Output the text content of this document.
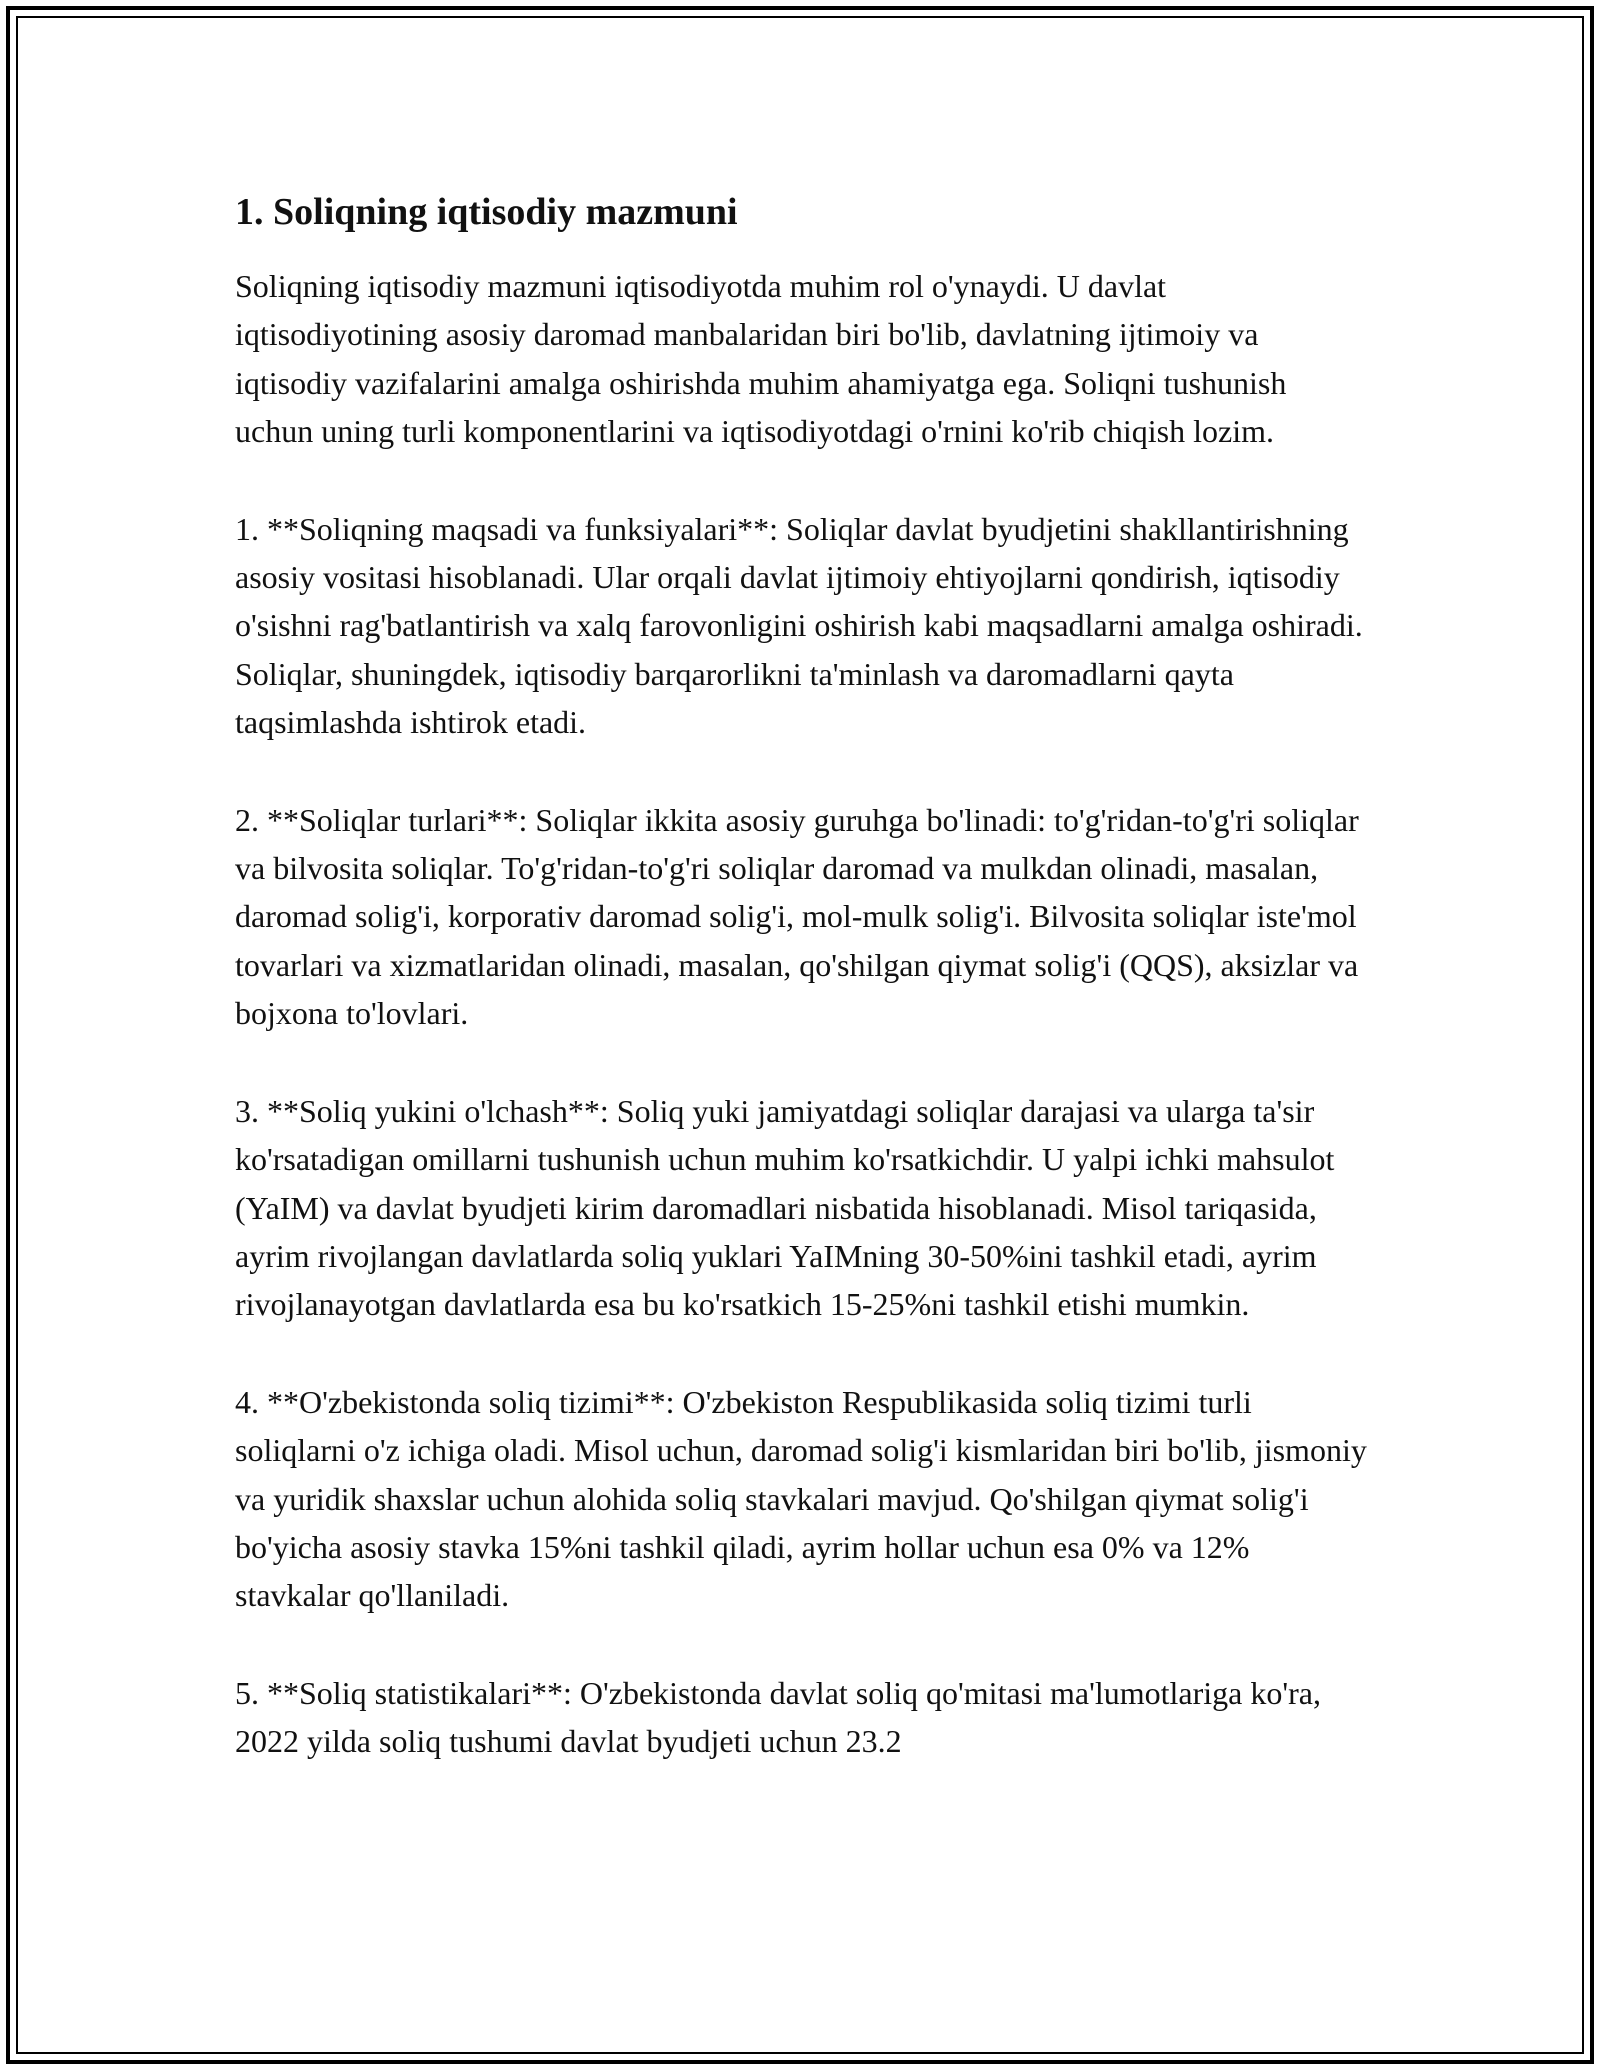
1. Soliqning iqtisodiy mazmuni

Soliqning iqtisodiy mazmuni iqtisodiyotda muhim rol o'ynaydi. U davlat iqtisodiyotining asosiy daromad manbalaridan biri bo'lib, davlatning ijtimoiy va iqtisodiy vazifalarini amalga oshirishda muhim ahamiyatga ega. Soliqni tushunish uchun uning turli komponentlarini va iqtisodiyotdagi o'rnini ko'rib chiqish lozim.

1. **Soliqning maqsadi va funksiyalari**: Soliqlar davlat byudjetini shakllantirishning asosiy vositasi hisoblanadi. Ular orqali davlat ijtimoiy ehtiyojlarni qondirish, iqtisodiy o'sishni rag'batlantirish va xalq farovonligini oshirish kabi maqsadlarni amalga oshiradi. Soliqlar, shuningdek, iqtisodiy barqarorlikni ta'minlash va daromadlarni qayta taqsimlashda ishtirok etadi.

2. **Soliqlar turlari**: Soliqlar ikkita asosiy guruhga bo'linadi: to'g'ridan-to'g'ri soliqlar va bilvosita soliqlar. To'g'ridan-to'g'ri soliqlar daromad va mulkdan olinadi, masalan, daromad solig'i, korporativ daromad solig'i, mol-mulk solig'i. Bilvosita soliqlar iste'mol tovarlari va xizmatlaridan olinadi, masalan, qo'shilgan qiymat solig'i (QQS), aksizlar va bojxona to'lovlari.

3. **Soliq yukini o'lchash**: Soliq yuki jamiyatdagi soliqlar darajasi va ularga ta'sir ko'rsatadigan omillarni tushunish uchun muhim ko'rsatkichdir. U yalpi ichki mahsulot (YaIM) va davlat byudjeti kirim daromadlari nisbatida hisoblanadi. Misol tariqasida, ayrim rivojlangan davlatlarda soliq yuklari YaIMning 30-50%ini tashkil etadi, ayrim rivojlanayotgan davlatlarda esa bu ko'rsatkich 15-25%ni tashkil etishi mumkin.

4. **O'zbekistonda soliq tizimi**: O'zbekiston Respublikasida soliq tizimi turli soliqlarni o'z ichiga oladi. Misol uchun, daromad solig'i kismlaridan biri bo'lib, jismoniy va yuridik shaxslar uchun alohida soliq stavkalari mavjud. Qo'shilgan qiymat solig'i bo'yicha asosiy stavka 15%ni tashkil qiladi, ayrim hollar uchun esa 0% va 12% stavkalar qo'llaniladi.

5. **Soliq statistikalari**: O'zbekistonda davlat soliq qo'mitasi ma'lumotlariga ko'ra, 2022 yilda soliq tushumi davlat byudjeti uchun 23.2
